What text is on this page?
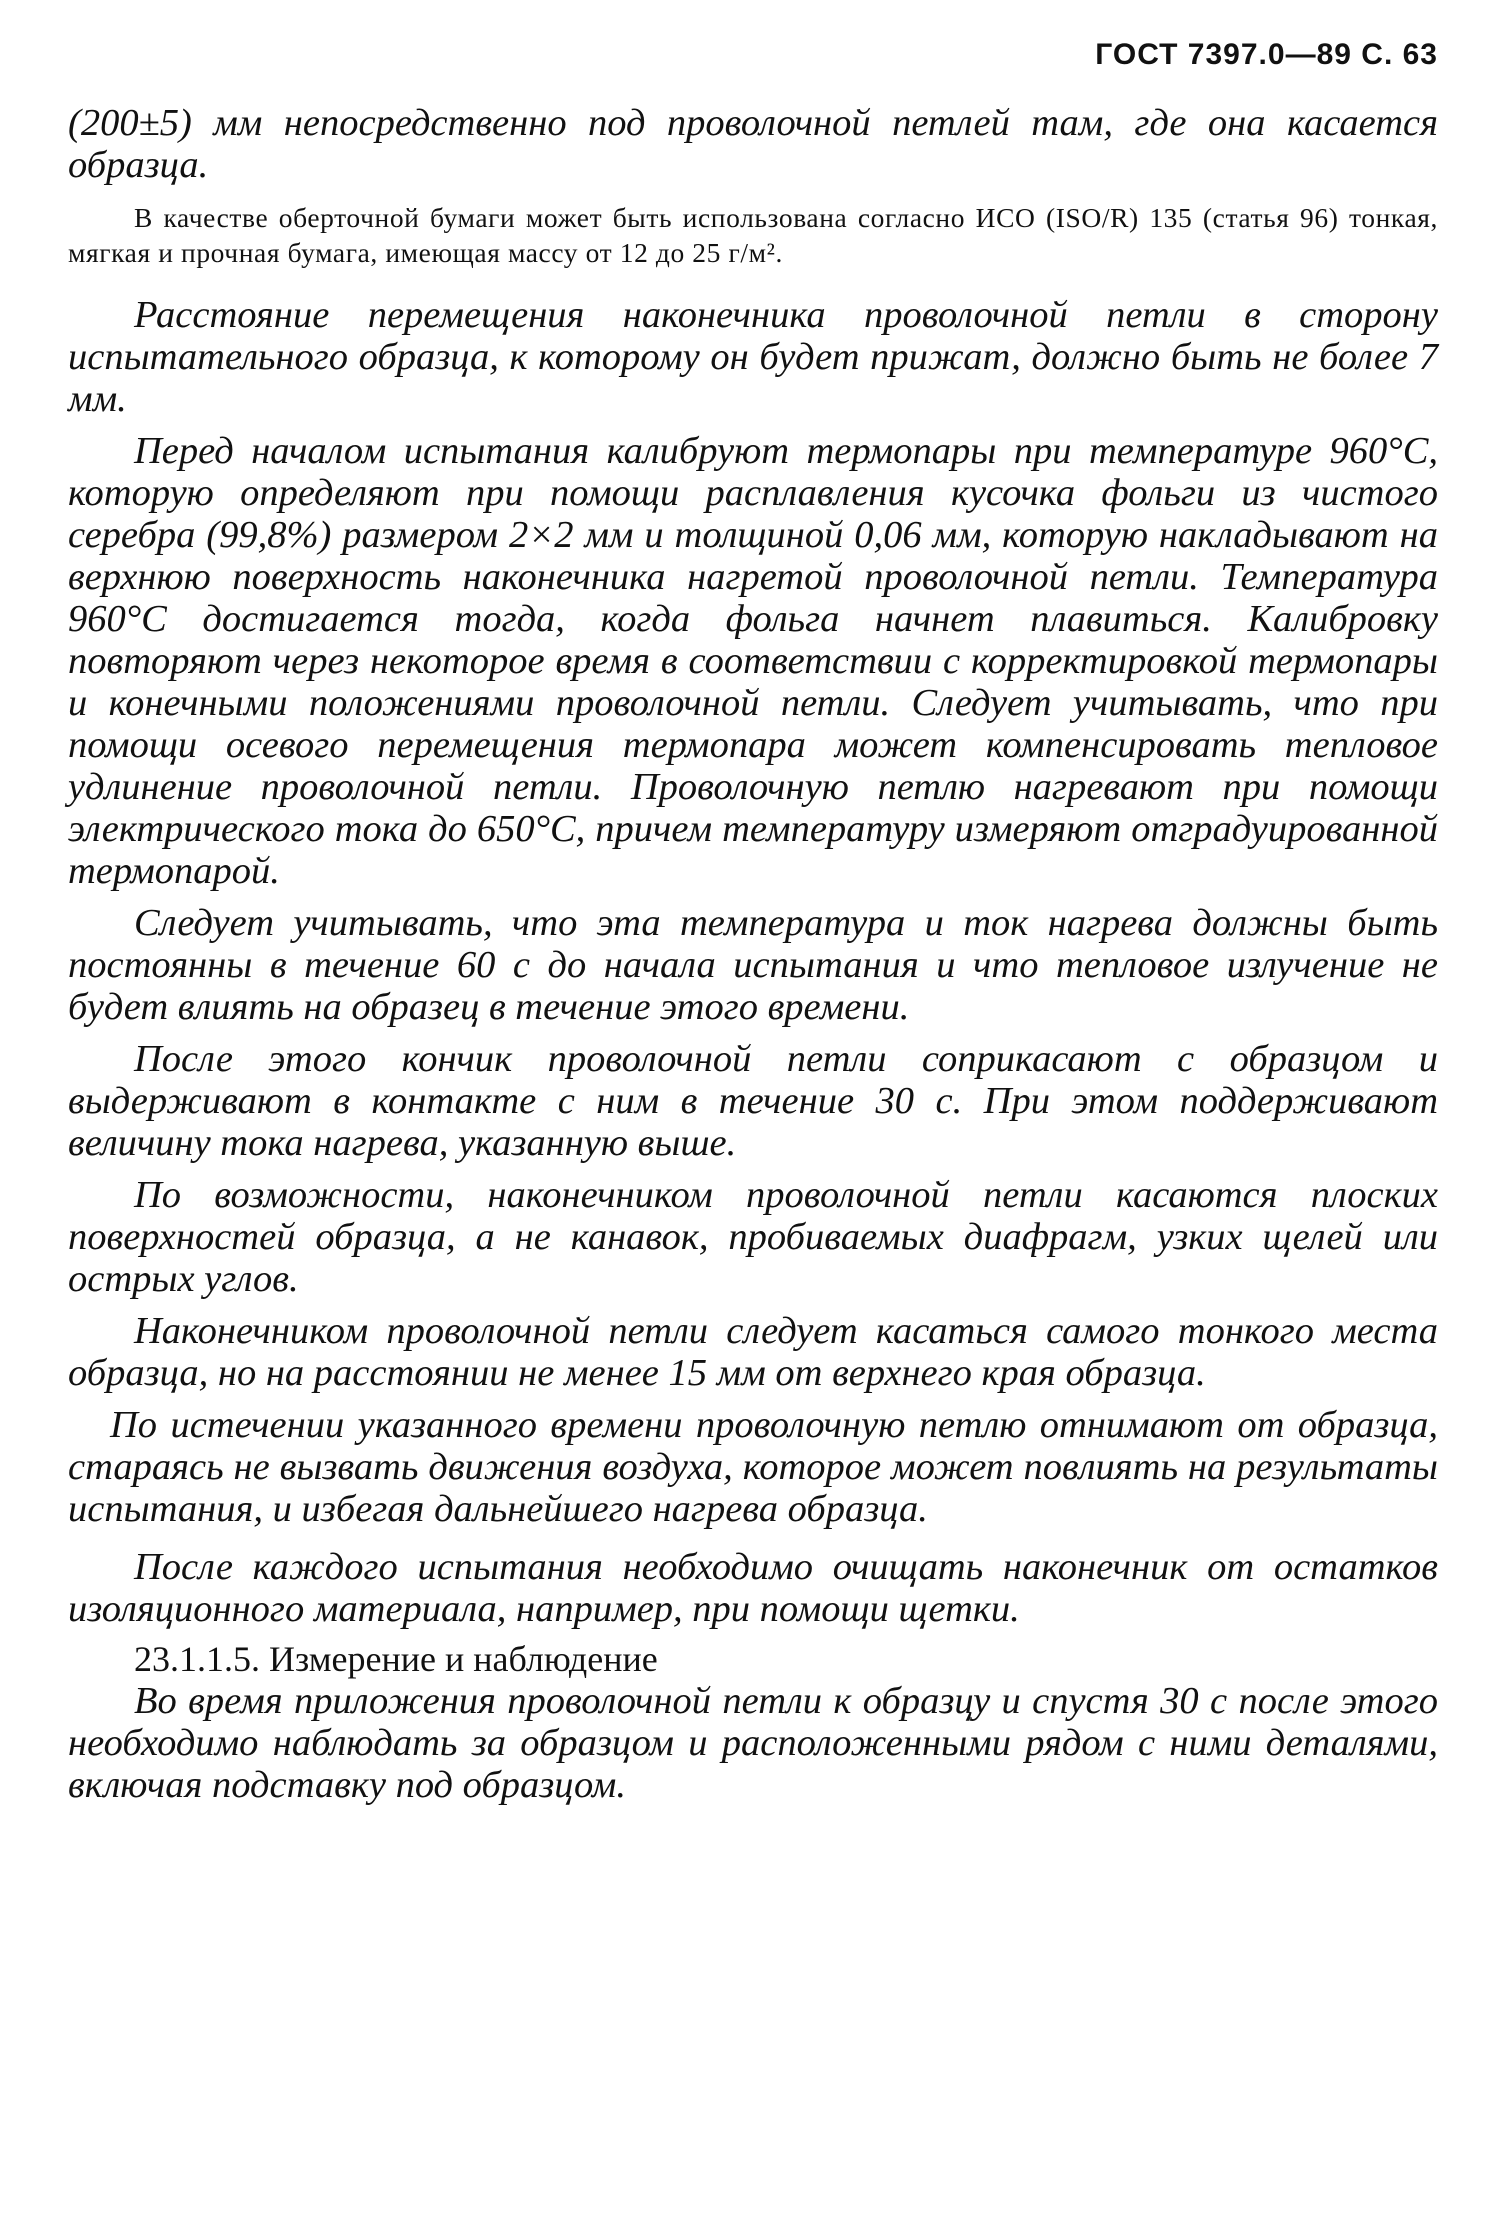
ГОСТ 7397.0—89 С. 63

(200±5) мм непосредственно под проволочной петлей там, где она касается образца.

В качестве оберточной бумаги может быть использована согласно ИСО (ISO/R) 135 (статья 96) тонкая, мягкая и прочная бумага, имеющая массу от 12 до 25 г/м².

Расстояние перемещения наконечника проволочной петли в сторону испытательного образца, к которому он будет прижат, должно быть не более 7 мм.

Перед началом испытания калибруют термопары при температуре 960°С, которую определяют при помощи расплавления кусочка фольги из чистого серебра (99,8%) размером 2×2 мм и толщиной 0,06 мм, которую накладывают на верхнюю поверхность наконечника нагретой проволочной петли. Температура 960°С достигается тогда, когда фольга начнет плавиться. Калибровку повторяют через некоторое время в соответствии с корректировкой термопары и конечными положениями проволочной петли. Следует учитывать, что при помощи осевого перемещения термопара может компенсировать тепловое удлинение проволочной петли. Проволочную петлю нагревают при помощи электрического тока до 650°С, причем температуру измеряют отградуированной термопарой.

Следует учитывать, что эта температура и ток нагрева должны быть постоянны в течение 60 с до начала испытания и что тепловое излучение не будет влиять на образец в течение этого времени.

После этого кончик проволочной петли соприкасают с образцом и выдерживают в контакте с ним в течение 30 с. При этом поддерживают величину тока нагрева, указанную выше.

По возможности, наконечником проволочной петли касаются плоских поверхностей образца, а не канавок, пробиваемых диафрагм, узких щелей или острых углов.

Наконечником проволочной петли следует касаться самого тонкого места образца, но на расстоянии не менее 15 мм от верхнего края образца.

По истечении указанного времени проволочную петлю отнимают от образца, стараясь не вызвать движения воздуха, которое может повлиять на результаты испытания, и избегая дальнейшего нагрева образца.

После каждого испытания необходимо очищать наконечник от остатков изоляционного материала, например, при помощи щетки.

23.1.1.5. Измерение и наблюдение

Во время приложения проволочной петли к образцу и спустя 30 с после этого необходимо наблюдать за образцом и расположенными рядом с ними деталями, включая подставку под образцом.
